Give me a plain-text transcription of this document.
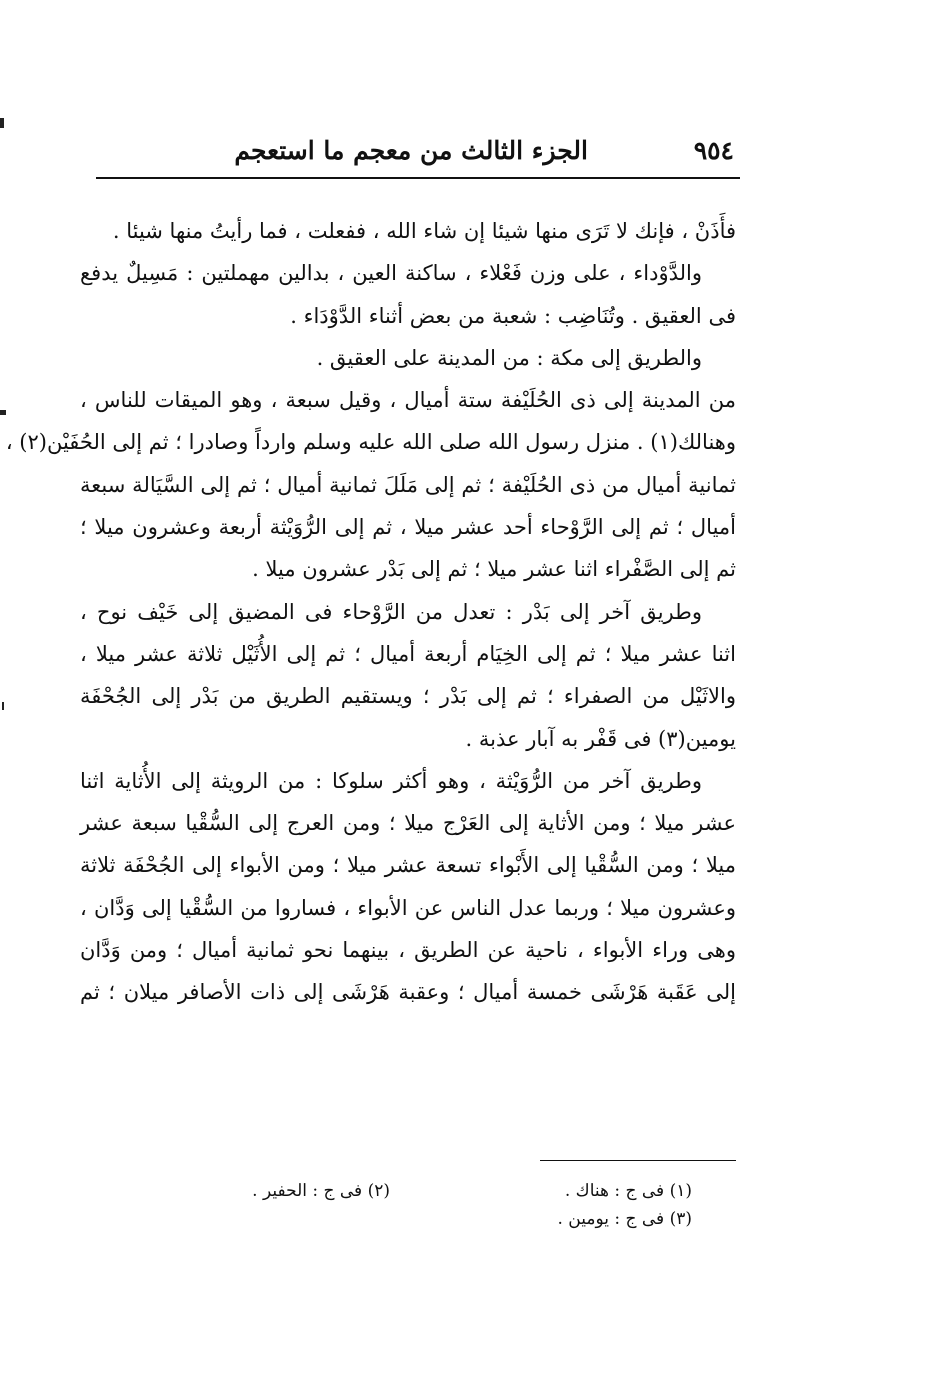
٩٥٤
الجزء الثالث من معجم ما استعجم
فأَذَنْ ، فإنك لا تَرَى منها شيئا إن شاء الله ، ففعلت ، فما رأيتُ منها شيئا .
والدَّوْداء ، على وزن فَعْلاء ، ساكنة العين ، بدالين مهملتين : مَسِيلٌ يدفع
فى العقيق . وتُنَاضِب : شعبة من بعض أثناء الدَّوْدَاء .
والطريق إلى مكة : من المدينة على العقيق .
من المدينة إلى ذى الحُلَيْفة ستة أميال ، وقيل سبعة ، وهو الميقات للناس ،
وهنالك(١) . منزل رسول الله صلى الله عليه وسلم وارداً وصادرا ؛ ثم إلى الحُفَيْن(٢) ،
ثمانية أميال من ذى الحُلَيْفة ؛ ثم إلى مَلَلَ ثمانية أميال ؛ ثم إلى السَّيَالة سبعة
أميال ؛ ثم إلى الرَّوْحاء أحد عشر ميلا ، ثم إلى الرُّوَيْثة أربعة وعشرون ميلا ؛
ثم إلى الصَّفْراء اثنا عشر ميلا ؛ ثم إلى بَدْر عشرون ميلا .
وطريق آخر إلى بَدْر : تعدل من الرَّوْحاء فى المضيق إلى خَيْف نوح ،
اثنا عشر ميلا ؛ ثم إلى الخِيَام أربعة أميال ؛ ثم إلى الأُثَيْل ثلاثة عشر ميلا ،
والاثَيْل من الصفراء ؛ ثم إلى بَدْر ؛ ويستقيم الطريق من بَدْر إلى الجُحْفَة
يومين(٣) فى قَفْر به آبار عذبة .
وطريق آخر من الرُّوَيْثة ، وهو أكثر سلوكا : من الرويثة إلى الأُثاية اثنا
عشر ميلا ؛ ومن الأثاية إلى العَرْج ميلا ؛ ومن العرج إلى السُّقْيا سبعة عشر
ميلا ؛ ومن السُّقْيا إلى الأَبْواء تسعة عشر ميلا ؛ ومن الأبواء إلى الجُحْفَة ثلاثة
وعشرون ميلا ؛ وربما عدل الناس عن الأبواء ، فساروا من السُّقْيا إلى وَدَّان ،
وهى وراء الأبواء ، ناحية عن الطريق ، بينهما نحو ثمانية أميال ؛ ومن وَدَّان
إلى عَقَبة هَرْشَى خمسة أميال ؛ وعقبة هَرْشَى إلى ذات الأصافر ميلان ؛ ثم
(١) فى ج : هناك .
(٢) فى ج : الحفير .
(٣) فى ج : يومين .
